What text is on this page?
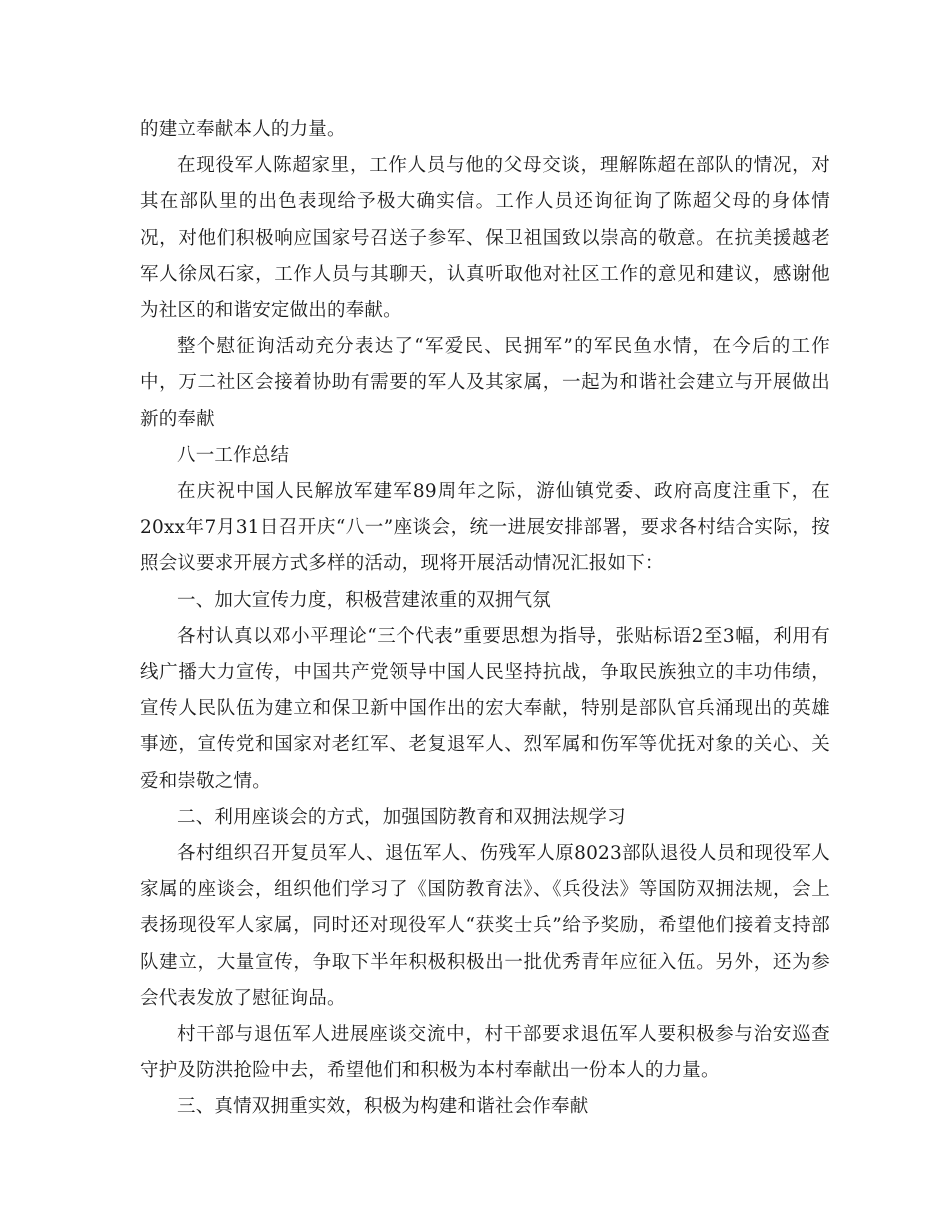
的建立奉献本人的力量。

在现役军人陈超家里，工作人员与他的父母交谈，理解陈超在部队的情况，对其在部队里的出色表现给予极大确实信。工作人员还询征询了陈超父母的身体情况，对他们积极响应国家号召送子参军、保卫祖国致以崇高的敬意。在抗美援越老军人徐凤石家，工作人员与其聊天，认真听取他对社区工作的意见和建议，感谢他为社区的和谐安定做出的奉献。

整个慰征询活动充分表达了“军爱民、民拥军”的军民鱼水情，在今后的工作中，万二社区会接着协助有需要的军人及其家属，一起为和谐社会建立与开展做出新的奉献

八一工作总结

在庆祝中国人民解放军建军89周年之际，游仙镇党委、政府高度注重下，在20xx年7月31日召开庆“八一”座谈会，统一进展安排部署，要求各村结合实际，按照会议要求开展方式多样的活动，现将开展活动情况汇报如下：

一、加大宣传力度，积极营建浓重的双拥气氛

各村认真以邓小平理论“三个代表”重要思想为指导，张贴标语2至3幅，利用有线广播大力宣传，中国共产党领导中国人民坚持抗战，争取民族独立的丰功伟绩，宣传人民队伍为建立和保卫新中国作出的宏大奉献，特别是部队官兵涌现出的英雄事迹，宣传党和国家对老红军、老复退军人、烈军属和伤军等优抚对象的关心、关爱和崇敬之情。

二、利用座谈会的方式，加强国防教育和双拥法规学习

各村组织召开复员军人、退伍军人、伤残军人原8023部队退役人员和现役军人家属的座谈会，组织他们学习了《国防教育法》、《兵役法》等国防双拥法规，会上表扬现役军人家属，同时还对现役军人“获奖士兵”给予奖励，希望他们接着支持部队建立，大量宣传，争取下半年积极积极出一批优秀青年应征入伍。另外，还为参会代表发放了慰征询品。

村干部与退伍军人进展座谈交流中，村干部要求退伍军人要积极参与治安巡查守护及防洪抢险中去，希望他们和积极为本村奉献出一份本人的力量。

三、真情双拥重实效，积极为构建和谐社会作奉献
